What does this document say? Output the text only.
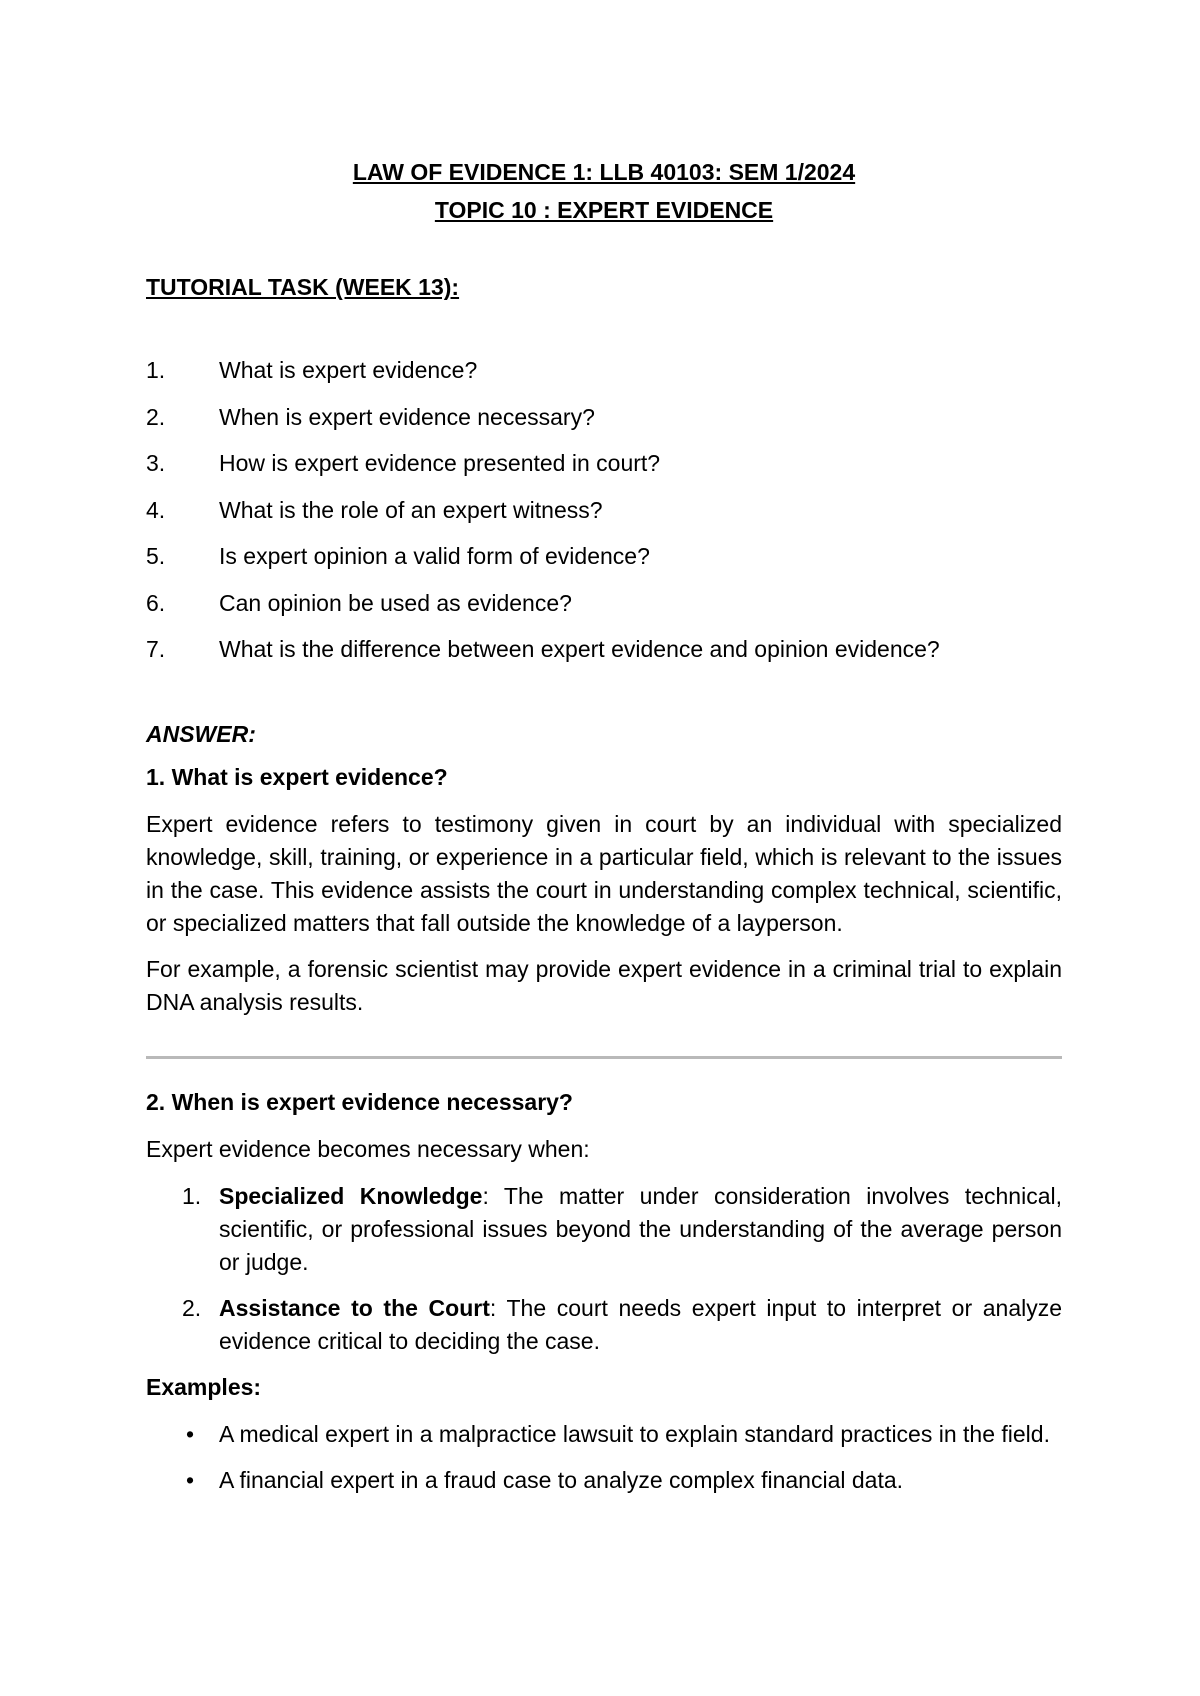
LAW OF EVIDENCE 1: LLB 40103: SEM 1/2024

TOPIC 10 : EXPERT EVIDENCE

TUTORIAL TASK (WEEK 13):

1.	What is expert evidence?
2.	When is expert evidence necessary?
3.	How is expert evidence presented in court?
4.	What is the role of an expert witness?
5.	Is expert opinion a valid form of evidence?
6.	Can opinion be used as evidence?
7.	What is the difference between expert evidence and opinion evidence?

ANSWER:

1. What is expert evidence?

Expert evidence refers to testimony given in court by an individual with specialized knowledge, skill, training, or experience in a particular field, which is relevant to the issues in the case. This evidence assists the court in understanding complex technical, scientific, or specialized matters that fall outside the knowledge of a layperson.

For example, a forensic scientist may provide expert evidence in a criminal trial to explain DNA analysis results.

2. When is expert evidence necessary?

Expert evidence becomes necessary when:

1. Specialized Knowledge: The matter under consideration involves technical, scientific, or professional issues beyond the understanding of the average person or judge.
2. Assistance to the Court: The court needs expert input to interpret or analyze evidence critical to deciding the case.

Examples:

•	A medical expert in a malpractice lawsuit to explain standard practices in the field.
•	A financial expert in a fraud case to analyze complex financial data.
